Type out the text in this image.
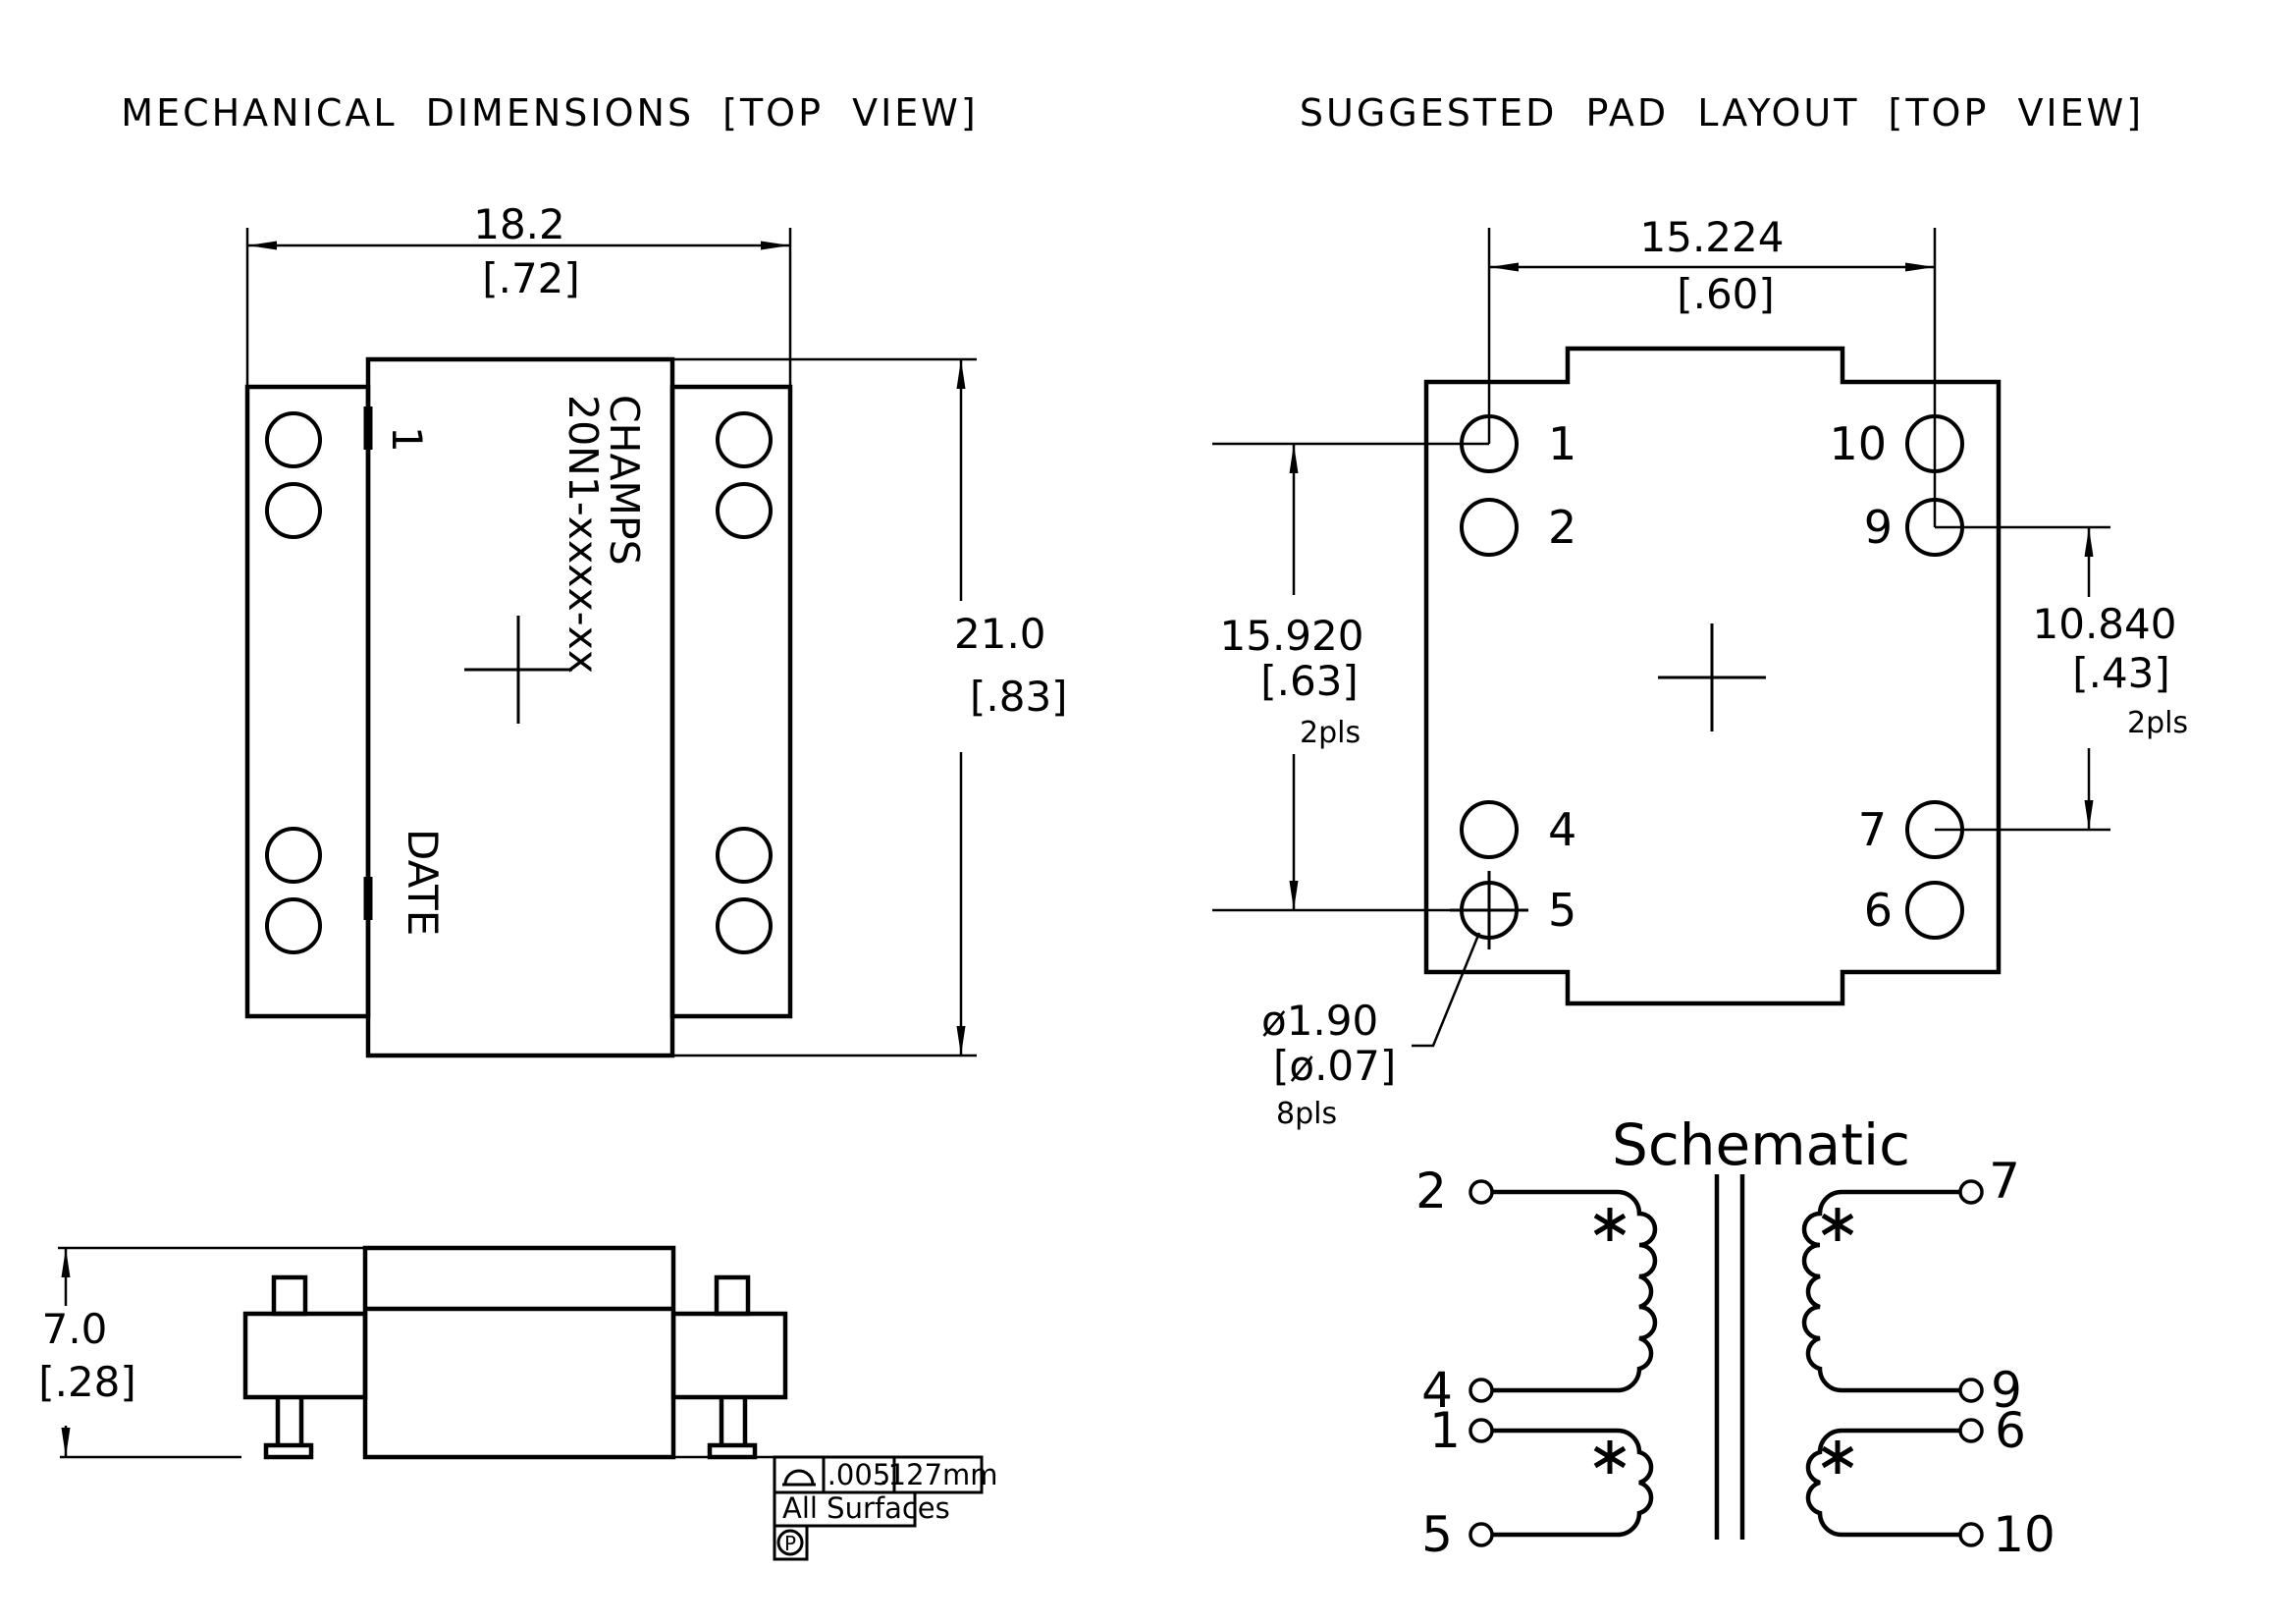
MECHANICAL DIMENSIONS [TOP VIEW]
18.2
[.72]
21.0
[.83]
1	CHAMPS
20N1-xxxx-xx
DATE
7.0
[.28]
.005
.127mm
All Surfaces
P
SUGGESTED PAD LAYOUT [TOP VIEW]
1
2
4
5
10
9
7
6
15.224
[.60]
15.920
[.63]
2pls
10.840
[.43]
2pls
ø1.90
[ø.07]
8pls	Schematic
2
4
1
5
7
9
6
10
